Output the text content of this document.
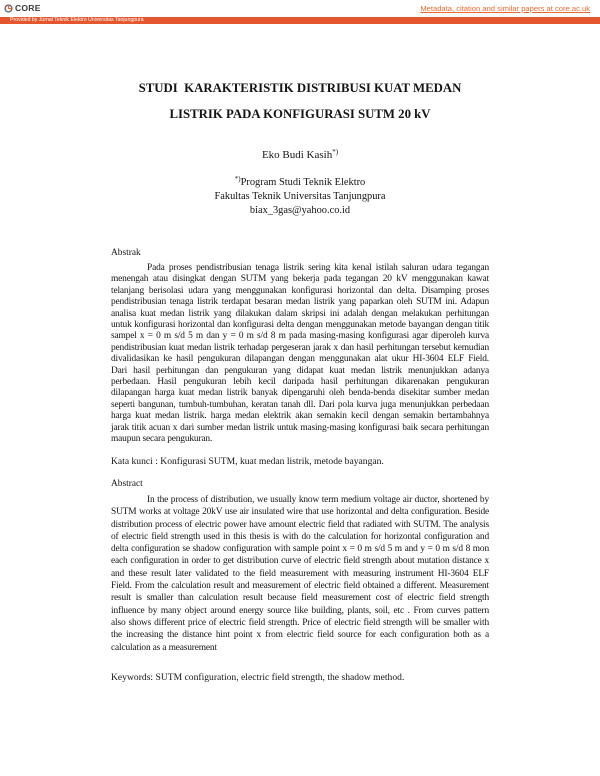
CORE	Metadata, citation and similar papers at core.ac.uk
Provided by Jurnal Teknik Elektro Universitas Tanjungpura
STUDI  KARAKTERISTIK DISTRIBUSI KUAT MEDAN
LISTRIK PADA KONFIGURASI SUTM 20 kV
Eko Budi Kasih*)
*)Program Studi Teknik Elektro
Fakultas Teknik Universitas Tanjungpura
biax_3gas@yahoo.co.id
Abstrak
Pada proses pendistribusian tenaga listrik sering kita kenal istilah saluran udara tegangan
menengah atau disingkat dengan SUTM yang bekerja pada tegangan 20 kV menggunakan kawat
telanjang berisolasi udara yang menggunakan konfigurasi horizontal dan delta. Disamping proses
pendistribusian tenaga listrik terdapat besaran medan listrik yang paparkan oleh SUTM ini. Adapun
analisa kuat medan listrik yang dilakukan dalam skripsi ini adalah dengan melakukan perhitungan
untuk konfigurasi horizontal dan konfigurasi delta dengan menggunakan metode bayangan dengan titik
sampel x = 0 m s/d 5 m dan y = 0 m s/d 8 m pada masing-masing konfigurasi agar diperoleh kurva
pendistribusian kuat medan listrik terhadap pergeseran jarak x dan hasil perhitungan tersebut kemudian
divalidasikan ke hasil pengukuran dilapangan dengan menggunakan alat ukur HI-3604 ELF Field.
Dari hasil perhitungan dan pengukuran yang didapat kuat medan listrik menunjukkan adanya
perbedaan. Hasil pengukuran lebih kecil daripada hasil perhitungan dikarenakan pengukuran
dilapangan harga kuat medan listrik banyak dipengaruhi oleh benda-benda disekitar sumber medan
seperti bangunan, tumbuh-tumbuhan, keratan tanah dll. Dari pola kurva juga menunjukkan perbedaan
harga kuat medan listrik. harga medan elektrik akan semakin kecil dengan semakin bertambahnya
jarak titik acuan x dari sumber medan listrik untuk masing-masing konfigurasi baik secara perhitungan
maupun secara pengukuran.
Kata kunci : Konfigurasi SUTM, kuat medan listrik, metode bayangan.
Abstract
In the process of distribution, we usually know term medium voltage air ductor, shortened by
SUTM works at voltage 20kV use air insulated wire that use horizontal and delta configuration. Beside
distribution process of electric power have amount electric field that radiated with SUTM. The analysis
of electric field strength used in this thesis is with do the calculation for horizontal configuration and
delta configuration se shadow configuration with sample point x = 0 m s/d 5 m and y = 0 m s/d 8 mon
each configuration in order to get distribution curve of electric field strength about mutation distance x
and these result later validated to the field measurement with measuring instrument HI-3604 ELF
Field. From the calculation result and measurement of electric field obtained a different. Measurement
result is smaller than calculation result because field measurement cost of electric field strength
influence by many object around energy source like building, plants, soil, etc . From curves pattern
also shows different price of electric field strength. Price of electric field strength will be smaller with
the increasing the distance hint point x from electric field source for each configuration both as a
calculation as a measurement
Keywords: SUTM configuration, electric field strength, the shadow method.
